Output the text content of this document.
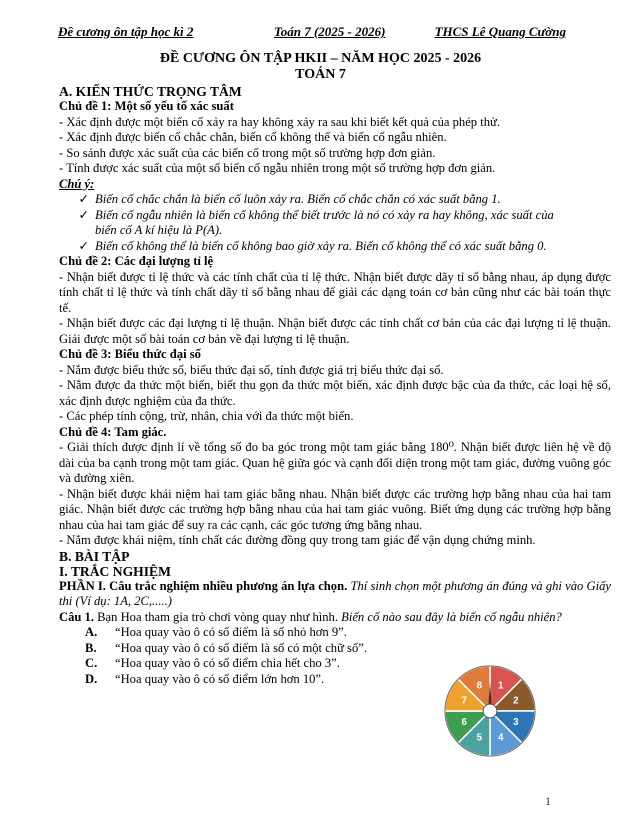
Đề cương ôn tập học kì 2	Toán 7 (2025 - 2026)	THCS Lê Quang Cường
ĐỀ CƯƠNG ÔN TẬP HKII – NĂM HỌC 2025 - 2026
TOÁN 7

A. KIẾN THỨC TRỌNG TÂM

Chủ đề 1: Một số yếu tố xác suất

- Xác định được một biến cố xảy ra hay không xảy ra sau khi biết kết quả của phép thử.

- Xác định được biến cố chắc chắn, biến cố không thể và biến cố ngẫu nhiên.

- So sánh được xác suất của các biến cố trong một số trường hợp đơn giản.

- Tính được xác suất của một số biến cố ngẫu nhiên trong một số trường hợp đơn giản.

Chú ý:

✓ Biến cố chắc chắn là biến cố luôn xảy ra. Biến cố chắc chắn có xác suất bằng 1.
✓ Biến cố ngẫu nhiên là biến cố không thể biết trước là nó có xảy ra hay không, xác suất của

biến cố A kí hiệu là P(A).

✓ Biến cố không thể là biến cố không bao giờ xảy ra. Biến cố không thể có xác suất bằng 0.

Chủ đề 2: Các đại lượng tỉ lệ

- Nhận biết được tỉ lệ thức và các tính chất của tỉ lệ thức. Nhận biết được dãy tỉ số bằng nhau, áp dụng được tính chất tỉ lệ thức và tính chất dãy tỉ số bằng nhau để giải các dạng toán cơ bản cũng như các bài toán thực tế.

- Nhận biết được các đại lượng tỉ lệ thuận. Nhận biết được các tính chất cơ bản của các đại lượng tỉ lệ thuận. Giải được một số bài toán cơ bản về đại lượng tỉ lệ thuận.

Chủ đề 3: Biểu thức đại số

- Nắm được biểu thức số, biểu thức đại số, tính được giá trị biểu thức đại số.

- Nắm được đa thức một biến, biết thu gọn đa thức một biến, xác định được bậc của đa thức, các loại hệ số, xác định được nghiệm của đa thức.

- Các phép tính cộng, trừ, nhân, chia với đa thức một biến.

Chủ đề 4: Tam giác.

- Giải thích được định lí về tổng số đo ba góc trong một tam giác bằng 180⁰. Nhận biết được liên hệ về độ dài của ba cạnh trong một tam giác. Quan hệ giữa góc và cạnh đối diện trong một tam giác, đường vuông góc và đường xiên.

- Nhận biết được khái niệm hai tam giác bằng nhau. Nhận biết được các trường hợp bằng nhau của hai tam giác. Nhận biết được các trường hợp bằng nhau của hai tam giác vuông. Biết ứng dụng các trường hợp bằng nhau của hai tam giác để suy ra các cạnh, các góc tương ứng bằng nhau.

- Nắm được khái niệm, tính chất các đường đồng quy trong tam giác để vận dụng chứng minh.

B. BÀI TẬP

I. TRẮC NGHIỆM

PHẦN I. Câu trắc nghiệm nhiều phương án lựa chọn. Thí sinh chọn một phương án đúng và ghi vào Giấy thi (Ví dụ: 1A, 2C,.....)

Câu 1. Bạn Hoa tham gia trò chơi vòng quay như hình. Biến cố nào sau đây là biến cố ngẫu nhiên?

A.	“Hoa quay vào ô có số điểm là số nhỏ hơn 9”.
B.	“Hoa quay vào ô có số điểm là số có một chữ số”.
C.	“Hoa quay vào ô có số điểm chia hết cho 3”.
D.	“Hoa quay vào ô có số điểm lớn hơn 10”.
1
2
3
4
5
6
7
8
1
